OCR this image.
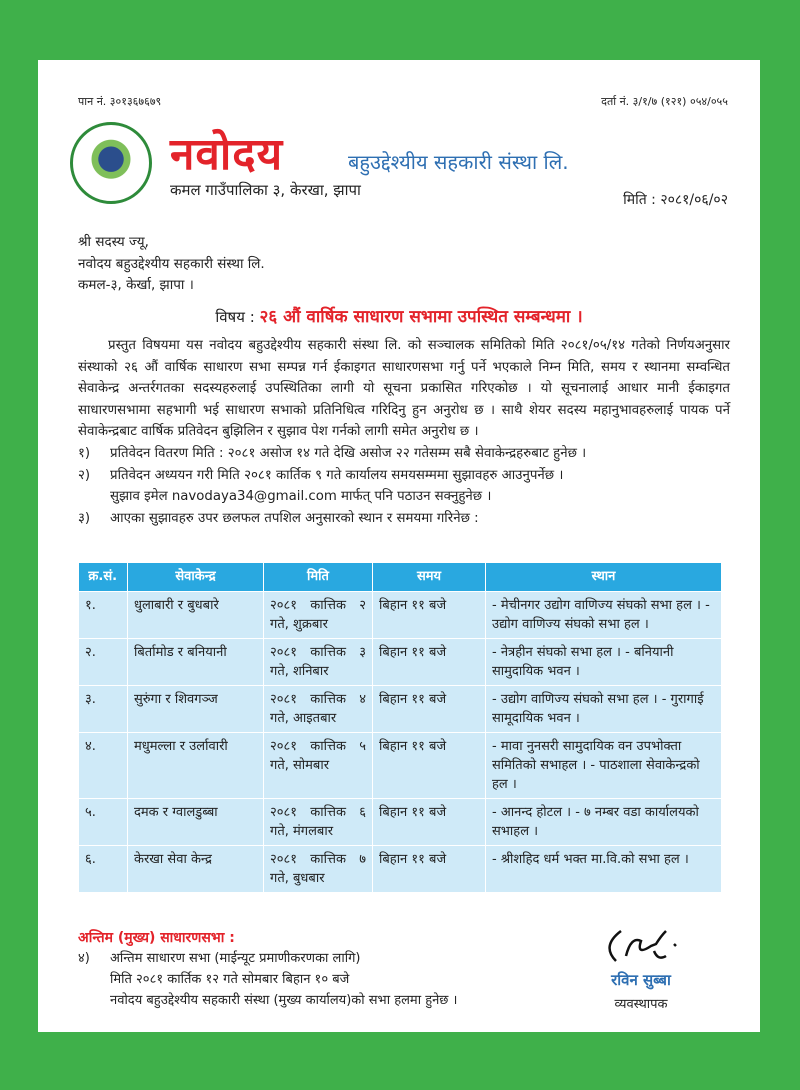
पान नं. ३०१३६७६७९	दर्ता नं. ३/१/७ (१२१) ०५४/०५५
नवोदय	बहुउद्देश्यीय सहकारी संस्था लि.
कमल गाउँपालिका ३, केरखा, झापा
मिति : २०८१/०६/०२
श्री सदस्य ज्यू,
नवोदय बहुउद्देश्यीय सहकारी संस्था लि.
कमल-३, केर्खा, झापा ।
विषय : २६ औं वार्षिक साधारण सभामा उपस्थित सम्बन्धमा ।
प्रस्तुत विषयमा यस नवोदय बहुउद्देश्यीय सहकारी संस्था लि. को सञ्चालक समितिको मिति २०८१/०५/१४ गतेको निर्णयअनुसार संस्थाको २६ औं वार्षिक साधारण सभा सम्पन्न गर्न ईकाइगत साधारणसभा गर्नु पर्ने भएकाले निम्न मिति, समय र स्थानमा सम्वन्धित सेवाकेन्द्र अन्तर्रगतका सदस्यहरुलाई उपस्थितिका लागी यो सूचना प्रकासित गरिएकोछ । यो सूचनालाई आधार मानी ईकाइगत साधारणसभामा सहभागी भई साधारण सभाको प्रतिनिधित्व गरिदिनु हुन अनुरोध छ । साथै शेयर सदस्य महानुभावहरुलाई पायक पर्ने सेवाकेन्द्रबाट वार्षिक प्रतिवेदन बुझिलिन र सुझाव पेश गर्नको लागी समेत अनुरोध छ ।
१) प्रतिवेदन वितरण मिति : २०८१ असोज १४ गते देखि असोज २२ गतेसम्म सबै सेवाकेन्द्रहरुबाट हुनेछ ।
२) प्रतिवेदन अध्ययन गरी मिति २०८१ कार्तिक ९ गते कार्यालय समयसम्ममा सुझावहरु आउनुपर्नेछ ।
सुझाव इमेल navodaya34@gmail.com मार्फत् पनि पठाउन सक्नुहुनेछ ।
३) आएका सुझावहरु उपर छलफल तपशिल अनुसारको स्थान र समयमा गरिनेछ :
क्र.सं.	सेवाकेन्द्र	मिति	समय	स्थान
१.	धुलाबारी र बुधबारे	२०८१ कात्तिक २ गते, शुक्रबार	बिहान ११ बजे	- मेचीनगर उद्योग वाणिज्य संघको सभा हल । - उद्योग वाणिज्य संघको सभा हल ।
२.	बिर्तामोड र बनियानी	२०८१ कात्तिक ३ गते, शनिबार	बिहान ११ बजे	- नेत्रहीन संघको सभा हल । - बनियानी सामुदायिक भवन ।
३.	सुरुंगा र शिवगञ्ज	२०८१ कात्तिक ४ गते, आइतबार	बिहान ११ बजे	- उद्योग वाणिज्य संघको सभा हल । - गुरागाई सामूदायिक भवन ।
४.	मधुमल्ला र उर्लावारी	२०८१ कात्तिक ५ गते, सोमबार	बिहान ११ बजे	- मावा नुनसरी सामुदायिक वन उपभोक्ता समितिको सभाहल । - पाठशाला सेवाकेन्द्रको हल ।
५.	दमक र ग्वालडुब्बा	२०८१ कात्तिक ६ गते, मंगलबार	बिहान ११ बजे	- आनन्द होटल । - ७ नम्बर वडा कार्यालयको सभाहल ।
६.	केरखा सेवा केन्द्र	२०८१ कात्तिक ७ गते, बुधबार	बिहान ११ बजे	- श्रीशहिद धर्म भक्त मा.वि.को सभा हल ।
अन्तिम (मुख्य) साधारणसभा :
४) अन्तिम साधारण सभा (माईन्यूट प्रमाणीकरणका लागि)
मिति २०८१ कार्तिक १२ गते सोमबार बिहान १० बजे
नवोदय बहुउद्देश्यीय सहकारी संस्था (मुख्य कार्यालय)को सभा हलमा हुनेछ ।
रविन सुब्बा
व्यवस्थापक
